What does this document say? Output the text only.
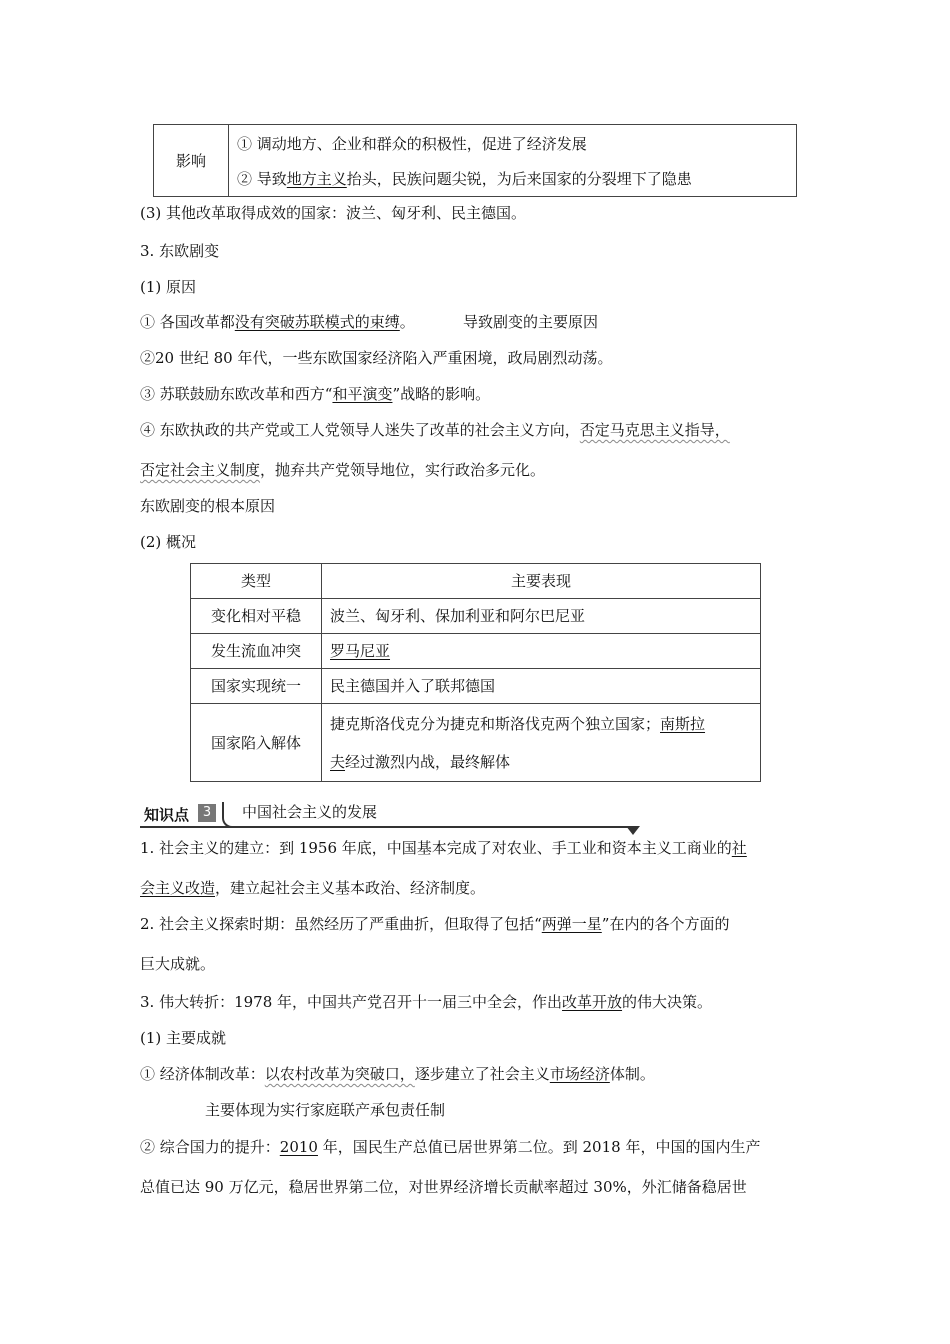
影响	① 调动地方、企业和群众的积极性，促进了经济发展
② 导致地方主义抬头，民族问题尖锐，为后来国家的分裂埋下了隐患
(3) 其他改革取得成效的国家：波兰、匈牙利、民主德国。
3. 东欧剧变
(1) 原因
① 各国改革都没有突破苏联模式的束缚。	导致剧变的主要原因
②20 世纪 80 年代，一些东欧国家经济陷入严重困境，政局剧烈动荡。
③ 苏联鼓励东欧改革和西方“和平演变”战略的影响。
④ 东欧执政的共产党或工人党领导人迷失了改革的社会主义方向，否定马克思主义指导，
否定社会主义制度，抛弃共产党领导地位，实行政治多元化。
东欧剧变的根本原因
(2) 概况
类型	主要表现
变化相对平稳	波兰、匈牙利、保加利亚和阿尔巴尼亚
发生流血冲突	罗马尼亚
国家实现统一	民主德国并入了联邦德国
国家陷入解体	捷克斯洛伐克分为捷克和斯洛伐克两个独立国家；南斯拉
夫经过激烈内战，最终解体
知识点	3	中国社会主义的发展
1. 社会主义的建立：到 1956 年底，中国基本完成了对农业、手工业和资本主义工商业的社
会主义改造，建立起社会主义基本政治、经济制度。
2. 社会主义探索时期：虽然经历了严重曲折，但取得了包括“两弹一星”在内的各个方面的
巨大成就。
3. 伟大转折：1978 年，中国共产党召开十一届三中全会，作出改革开放的伟大决策。
(1) 主要成就
① 经济体制改革：以农村改革为突破口，逐步建立了社会主义市场经济体制。
主要体现为实行家庭联产承包责任制
② 综合国力的提升：2010 年，国民生产总值已居世界第二位。到 2018 年，中国的国内生产
总值已达 90 万亿元，稳居世界第二位，对世界经济增长贡献率超过 30%，外汇储备稳居世
